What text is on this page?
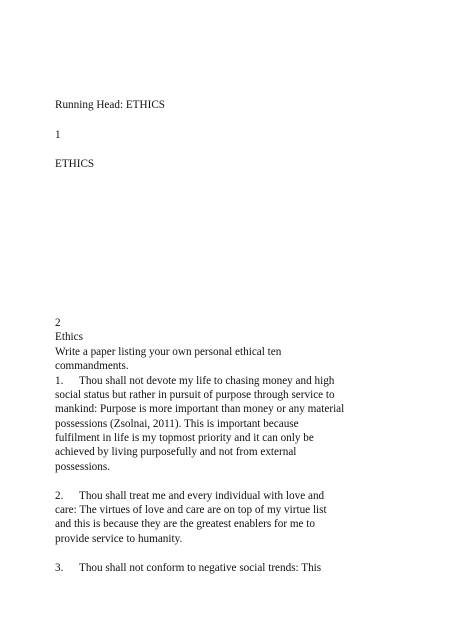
Running Head: ETHICS
1
ETHICS
2
Ethics
Write a paper listing your own personal ethical ten
commandments.
1. Thou shall not devote my life to chasing money and high
social status but rather in pursuit of purpose through service to
mankind: Purpose is more important than money or any material
possessions (Zsolnai, 2011). This is important because
fulfilment in life is my topmost priority and it can only be
achieved by living purposefully and not from external
possessions.
2. Thou shall treat me and every individual with love and
care: The virtues of love and care are on top of my virtue list
and this is because they are the greatest enablers for me to
provide service to humanity.
3. Thou shall not conform to negative social trends: This
